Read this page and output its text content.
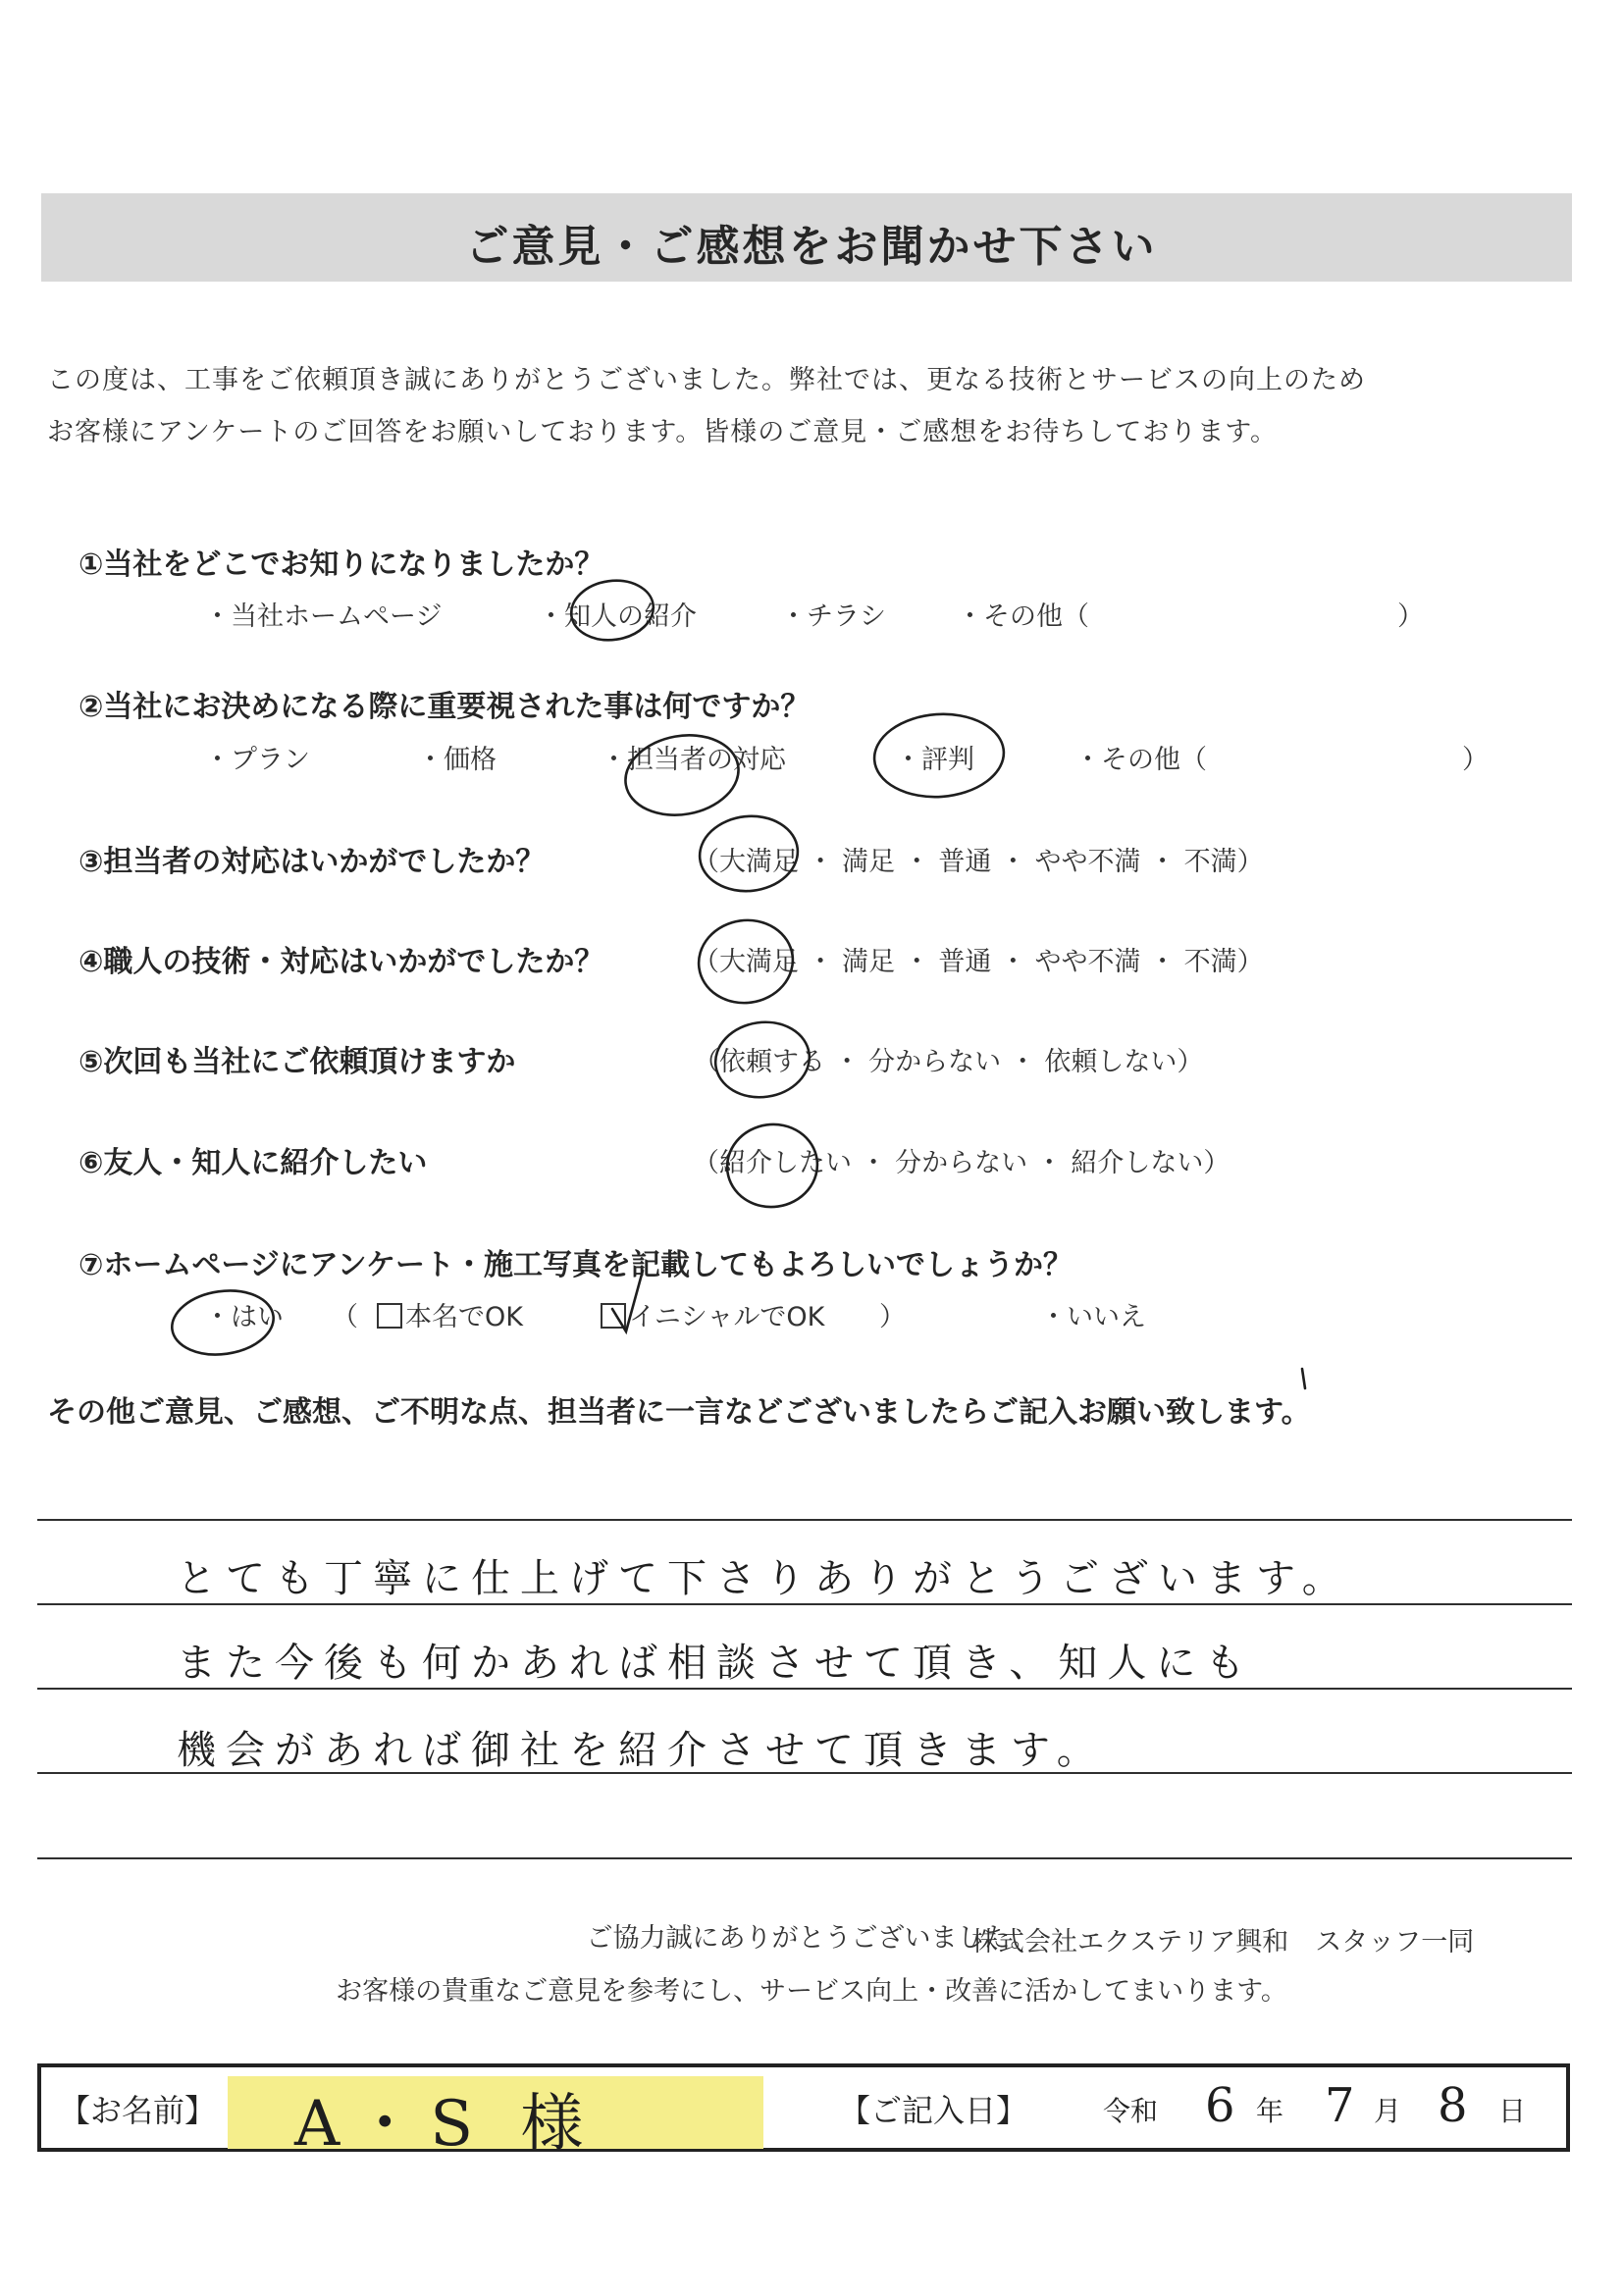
ご意見・ご感想をお聞かせ下さい
この度は、工事をご依頼頂き誠にありがとうございました。弊社では、更なる技術とサービスの向上のため
お客様にアンケートのご回答をお願いしております。皆様のご意見・ご感想をお待ちしております。
①当社をどこでお知りになりましたか？
・当社ホームページ	・知人の紹介	・チラシ	・その他（	）
②当社にお決めになる際に重要視された事は何ですか？
・プラン	・価格	・担当者の対応	・評判	・その他（	）
③担当者の対応はいかがでしたか？	（大満足 ・ 満足 ・ 普通 ・ やや不満 ・ 不満）
④職人の技術・対応はいかがでしたか？	（大満足 ・ 満足 ・ 普通 ・ やや不満 ・ 不満）
⑤次回も当社にご依頼頂けますか	（依頼する ・ 分からない ・ 依頼しない）
⑥友人・知人に紹介したい	（紹介したい ・ 分からない ・ 紹介しない）
⑦ホームページにアンケート・施工写真を記載してもよろしいでしょうか？
・はい （	本名でOK	イニシャルでOK ）	・いいえ
その他ご意見、ご感想、ご不明な点、担当者に一言などございましたらご記入お願い致します。
とても丁寧に仕上げて下さりありがとうございます。
また今後も何かあれば相談させて頂き、知人にも
機会があれば御社を紹介させて頂きます。
ご協力誠にありがとうございました。
お客様の貴重なご意見を参考にし、サービス向上・改善に活かしてまいります。
【お名前】 A・S 様	【ご記入日】	令和 6 年 7 月 8 日
株式会社エクステリア興和　スタッフ一同
